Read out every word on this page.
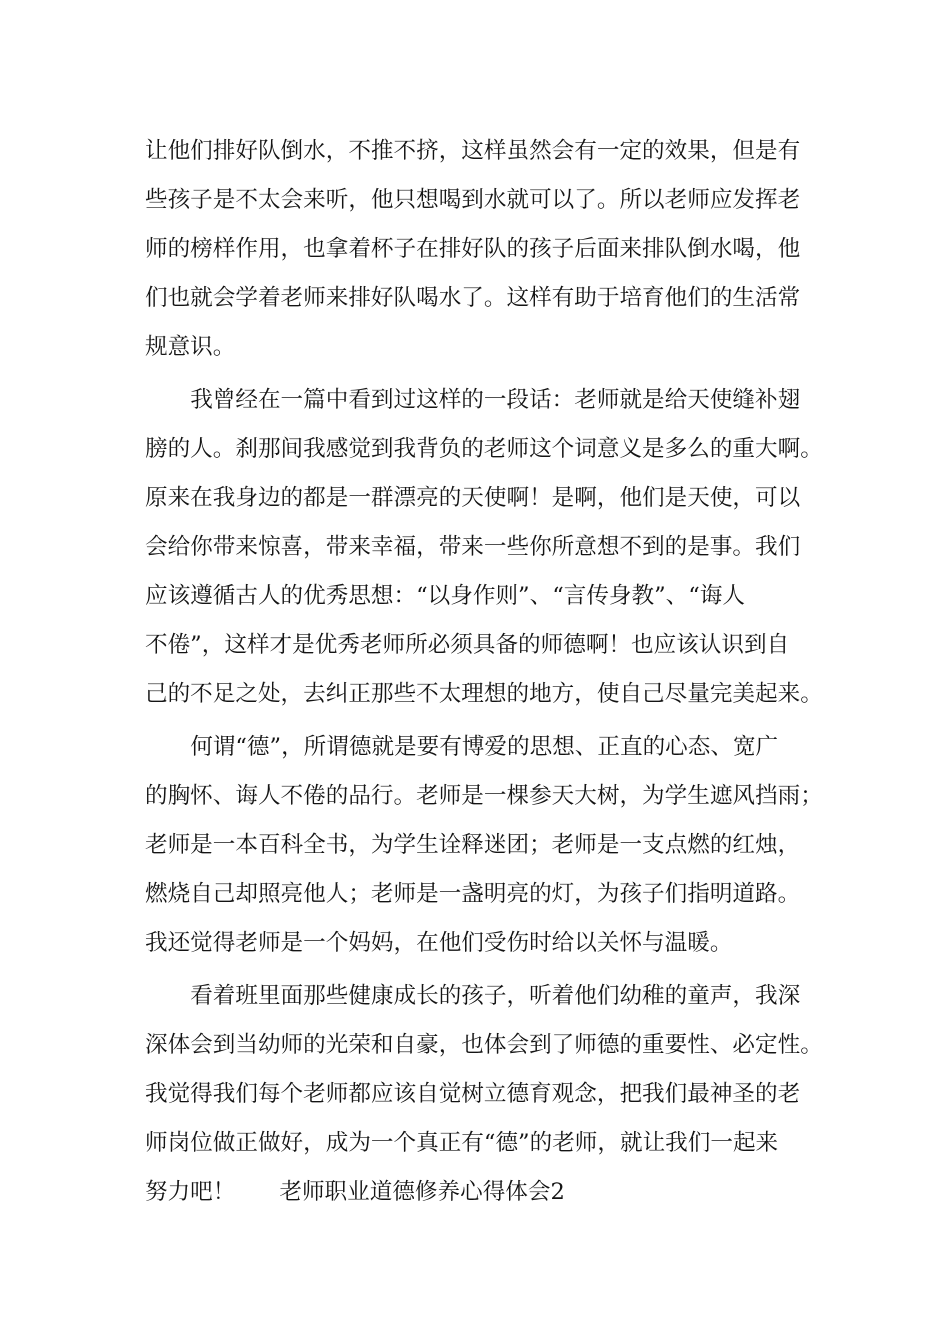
让他们排好队倒水，不推不挤，这样虽然会有一定的效果，但是有
些孩子是不太会来听，他只想喝到水就可以了。所以老师应发挥老
师的榜样作用，也拿着杯子在排好队的孩子后面来排队倒水喝，他
们也就会学着老师来排好队喝水了。这样有助于培育他们的生活常
规意识。
我曾经在一篇中看到过这样的一段话：老师就是给天使缝补翅
膀的人。刹那间我感觉到我背负的老师这个词意义是多么的重大啊。
原来在我身边的都是一群漂亮的天使啊！是啊，他们是天使，可以
会给你带来惊喜，带来幸福，带来一些你所意想不到的是事。我们
应该遵循古人的优秀思想：“以身作则”、“言传身教”、“诲人
不倦”，这样才是优秀老师所必须具备的师德啊！也应该认识到自
己的不足之处，去纠正那些不太理想的地方，使自己尽量完美起来。
何谓“德”，所谓德就是要有博爱的思想、正直的心态、宽广
的胸怀、诲人不倦的品行。老师是一棵参天大树，为学生遮风挡雨；
老师是一本百科全书，为学生诠释迷团；老师是一支点燃的红烛，
燃烧自己却照亮他人；老师是一盏明亮的灯，为孩子们指明道路。
我还觉得老师是一个妈妈，在他们受伤时给以关怀与温暖。
看着班里面那些健康成长的孩子，听着他们幼稚的童声，我深
深体会到当幼师的光荣和自豪，也体会到了师德的重要性、必定性。
我觉得我们每个老师都应该自觉树立德育观念，把我们最神圣的老
师岗位做正做好，成为一个真正有“德”的老师，就让我们一起来
努力吧！ 老师职业道德修养心得体会2
